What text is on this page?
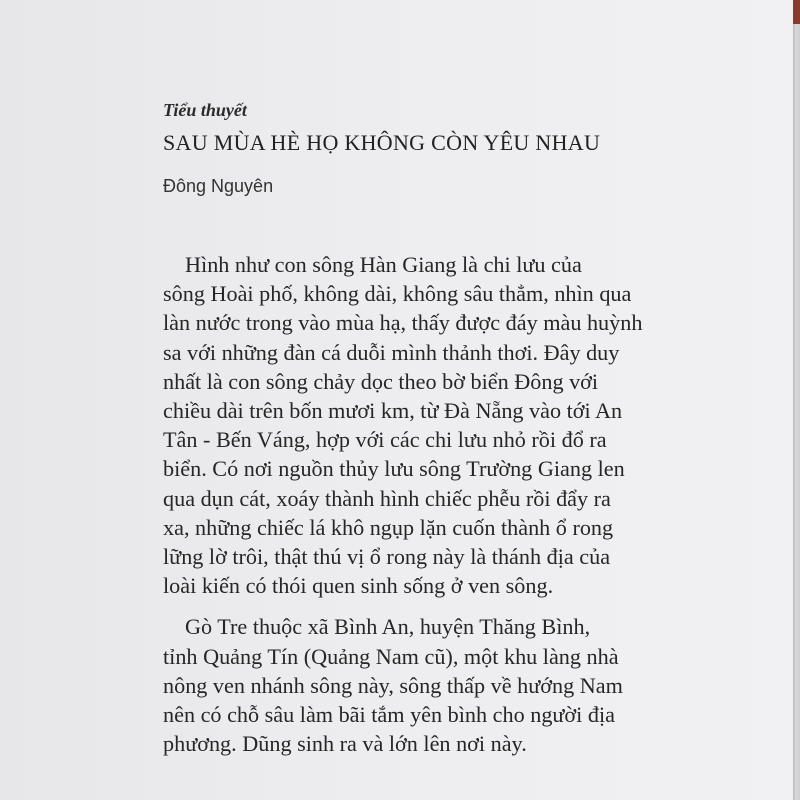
Tiểu thuyết
SAU MÙA HÈ HỌ KHÔNG CÒN YÊU NHAU
Đông Nguyên

Hình như con sông Hàn Giang là chi lưu của
sông Hoài phố, không dài, không sâu thẳm, nhìn qua
làn nước trong vào mùa hạ, thấy được đáy màu huỳnh
sa với những đàn cá duỗi mình thảnh thơi. Đây duy
nhất là con sông chảy dọc theo bờ biển Đông với
chiều dài trên bốn mươi km, từ Đà Nẵng vào tới An
Tân - Bến Váng, hợp với các chi lưu nhỏ rồi đổ ra
biển. Có nơi nguồn thủy lưu sông Trường Giang len
qua dụn cát, xoáy thành hình chiếc phễu rồi đẩy ra
xa, những chiếc lá khô ngụp lặn cuốn thành ổ rong
lững lờ trôi, thật thú vị ổ rong này là thánh địa của
loài kiến có thói quen sinh sống ở ven sông.

Gò Tre thuộc xã Bình An, huyện Thăng Bình,
tỉnh Quảng Tín (Quảng Nam cũ), một khu làng nhà
nông ven nhánh sông này, sông thấp về hướng Nam
nên có chỗ sâu làm bãi tắm yên bình cho người địa
phương. Dũng sinh ra và lớn lên nơi này.
